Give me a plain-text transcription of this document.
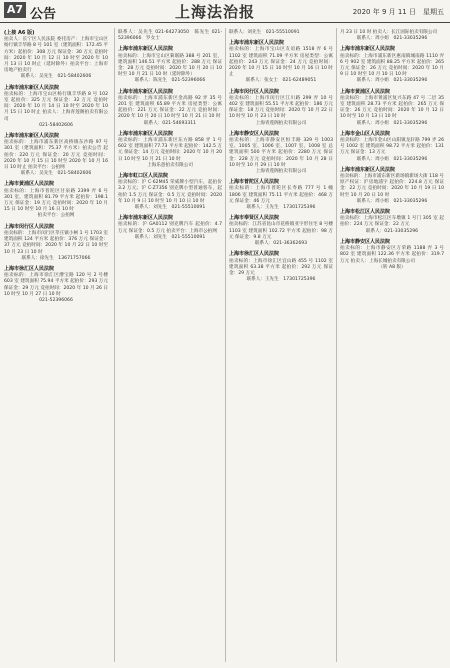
A7 公告	上海法治报	2020 年 9 月 11 日　星期五
(上接 A6 版)
拍卖人：长宁区人民法院 委托房产：上海市宝山区杨行镇丰华路 8 号 101 室（建筑面积：172.45 平方米）起拍价：308 万元 保证金：30 万元 竞拍时间：2020 年 10 月 12 日 10 时至 2020 年 10 月 13 日 10 时止（延时除外）拍卖平台：上海市房地产拍卖行
联系人：吴先生　021-58402606
上海市浦东新区人民法院
拍卖标的：上海市宝山区杨行镇丰华路 8 号 102 室 起拍价：325 万元 保证金：32 万元 竞拍时间：2020 年 10 月 14 日 10 时至 2020 年 10 月 15 日 10 时止 拍卖人：上海青莲阁拍卖有限公司
021-58402606
上海市浦东新区人民法院
拍卖标的：上海市浦东新区高桥镇东沙路 97 号 301 室（建筑面积：75.37 平方米）拍卖公告 起拍价：220 万元 保证金：20 万元 竞拍时间：2020 年 10 月 15 日 10 时至 2020 年 10 月 16 日 10 时止 拍卖平台：公拍网
联系人：吴先生　021-58402606
上海市黄浦区人民法院
拍卖标的：上海市普陀区甘泉路 2399 弄 6 号 301 室，建筑面积 81.79 平方米 起拍价：198.1 万元 保证金：19 万元 竞拍时间：2020 年 10 月 15 日 10 时至 10 月 16 日 10 时
拍卖平台：公拍网
上海市闵行区人民法院
拍卖标的：上海市闵行区莘庄镇小闸 1 号 1703 室 建筑面积 124 平方米 起拍价：376 万元 保证金：37 万元 竞拍时间：2020 年 10 月 22 日 10 时至 10 月 23 日 10 时
联系人：徐先生　13671757066
上海市徐汇区人民法院
拍卖标的：上海市徐汇区漕宝路 120 号 2 号楼 603 室 建筑面积 75.94 平方米 起拍价：293 万元 保证金：29 万元 竞拍时间：2020 年 10 月 26 日 10 时至 10 月 27 日 10 时
021-52396066
联系人：吴先生 021-64273050　陈先生 021-52396066　罗女士
上海市浦东新区人民法院
拍卖标的：上海市宝山区菊联路 388 号 201 室，建筑面积 146.51 平方米 起拍价：288 万元 保证金：28 万元 竞拍时间：2020 年 10 月 20 日 10 时至 10 月 21 日 10 时（延时除外）
联系人：陈先生　021-52396066
上海市浦东新区人民法院
拍卖标的：上海市浦东新区金高路 92 弄 35 号 201 室 建筑面积 65.89 平方米 房屋类型：公寓 起拍价：221 万元 保证金：22 万元 竞拍时间：2020 年 10 月 20 日 10 时至 10 月 21 日 10 时
联系人：021-54693311
上海市浦东新区人民法院
拍卖标的：上海市浦东新区东方路 858 弄 1 号 602 室 建筑面积 77.73 平方米 起拍价：142.5 万元 保证金：14 万元 竞拍时间：2020 年 10 月 20 日 10 时至 10 月 21 日 10 时
上海乐意拍卖有限公司
上海市虹口区人民法院
拍卖标的：沪 C·62M45 荣威牌小型汽车，起拍价 3.2 万元；沪 C·Z7356 别克牌小型普通客车，起拍价 1.5 万元 保证金：0.5 万元 竞拍时间：2020 年 10 月 9 日 10 时至 10 月 10 日 10 时
联系人：刘先生　021-55510091
上海市浦东新区人民法院
拍卖标的：沪 GA0112 别克牌汽车 起拍价：4.7 万元 保证金：0.5 万元 拍卖平台：上海市公拍网
联系人：刘先生　021-55510091
联系人：刘先生　021-55510091
上海市浦东新区人民法院
拍卖标的：上海市宝山区友谊路 1518 弄 6 号 1102 室 建筑面积 71.09 平方米 房屋类型：公寓 起拍价：243 万元 保证金：24 万元 竞拍时间：2020 年 10 月 15 日 10 时至 10 月 16 日 10 时止
联系人：张女士　021-62489051
上海市闵行区人民法院
拍卖标的：上海市闵行区江川路 299 弄 10 号 402 室 建筑面积 55.51 平方米 起拍价：186 万元 保证金：18 万元 竞拍时间：2020 年 10 月 22 日 10 时至 10 月 23 日 10 时
上海青莲阁拍卖有限公司
上海市静安区人民法院
拍卖标的：上海市静安区恒丰路 329 号 1003 室、1005 室、1006 室、1007 室、1008 室 总建筑面积 500 平方米 起拍价：2280 万元 保证金：228 万元 竞拍时间：2020 年 10 月 28 日 10 时至 10 月 29 日 10 时
上海青莲阁拍卖有限公司
上海市普陀区人民法院
拍卖标的：上海市普陀区长寿路 777 号 1 幢 1806 室 建筑面积 75.11 平方米 起拍价：468 万元 保证金：46 万元
联系人：王先生　17301725396
上海市奉贤区人民法院
拍卖标的：江苏省昆山市花桥镇亚字形住宅 8 号楼 1103 室 建筑面积 102.72 平方米 起拍价：98 万元 保证金：9.8 万元
联系人：021-36362693
上海市徐汇区人民法院
拍卖标的：上海市徐汇区宜山路 455 号 1102 室 建筑面积 63.38 平方米 起拍价：292 万元 保证金：29 万元
联系人：王先生　17301725396
月 23 日 10 时 拍卖人：长江国际拍卖有限公司
联系人：周小姐　021-33035296
上海市浦东新区人民法院
拍卖标的：上海市浦东新区惠南镇城南路 1110 弄 6 号 902 室 建筑面积 88.25 平方米 起拍价：265 万元 保证金：26 万元 竞拍时间：2020 年 10 月 9 日 10 时至 10 月 10 日 10 时
联系人：周小姐　021-33035296
上海市黄浦区人民法院
拍卖标的：上海市黄浦区复兴东路 47 号 二层 35 室 建筑面积 28.73 平方米 起拍价：265 万元 保证金：26 万元 竞拍时间：2020 年 10 月 12 日 10 时至 10 月 13 日 10 时
联系人：周小姐　021-33035296
上海市金山区人民法院
拍卖标的：上海市金山区山阳镇龙轩路 799 弄 26 号 1002 室 建筑面积 98.72 平方米 起拍价：131 万元 保证金：13 万元
联系人：周小姐　021-33035296
上海市浦东新区人民法院
拍卖标的：上海市浦东新区新场镇新场大街 118 号 原产权证：沪房地浦字 起拍价：224.8 万元 保证金：22 万元 竞拍时间：2020 年 10 月 19 日 10 时至 10 月 20 日 10 时
联系人：周小姐　021-33035296
上海市松江区人民法院
拍卖标的：上海市松江区车墩镇 1 号门 305 室 起拍价：224 万元 保证金：22 万元
联系人：021-33035296
上海市静安区人民法院
拍卖标的：上海市静安区万荣路 1188 弄 3 号 802 室 建筑面积 122.36 平方米 起拍价：319.7 万元 拍卖人：上海长城拍卖有限公司
（转 A8 版）
